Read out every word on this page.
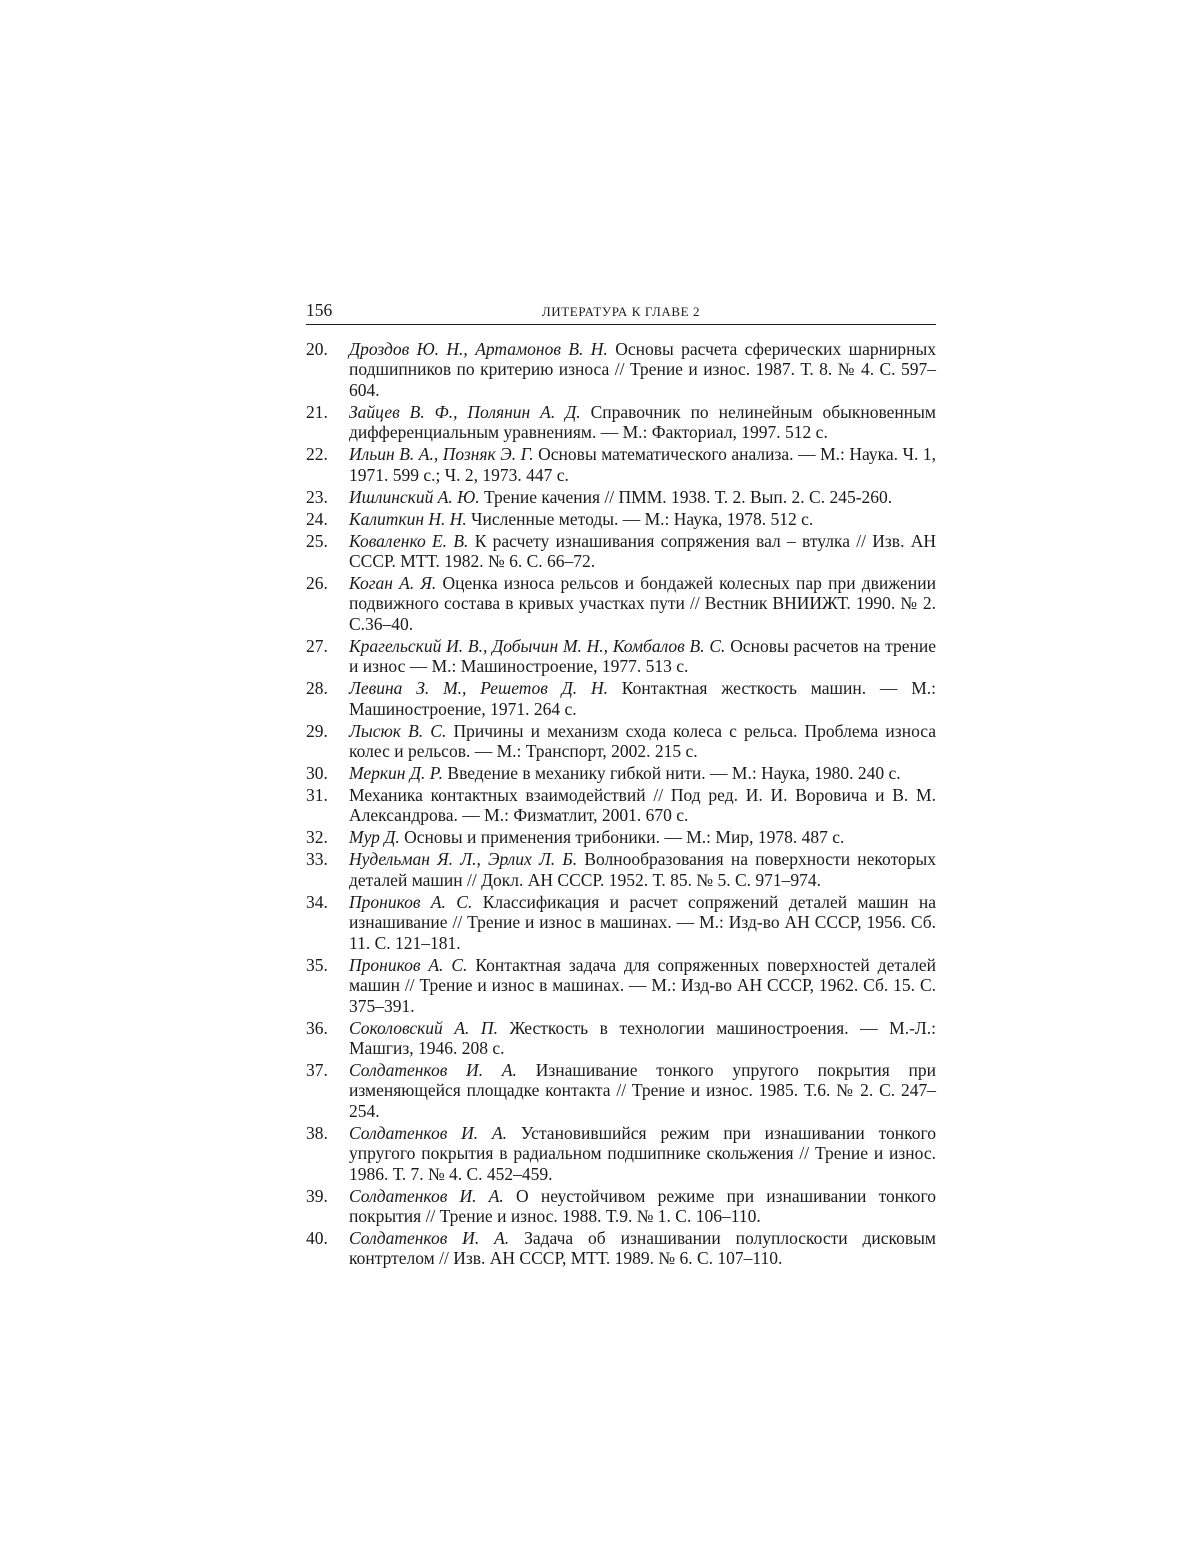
156	ЛИТЕРАТУРА К ГЛАВЕ 2
20. Дроздов Ю. Н., Артамонов В. Н. Основы расчета сферических шарнирных подшипников по критерию износа // Трение и износ. 1987. Т. 8. № 4. С. 597–604.
21. Зайцев В. Ф., Полянин А. Д. Справочник по нелинейным обыкновенным дифференциальным уравнениям. — М.: Факториал, 1997. 512 с.
22. Ильин В. А., Позняк Э. Г. Основы математического анализа. — М.: Наука. Ч. 1, 1971. 599 с.; Ч. 2, 1973. 447 с.
23. Ишлинский А. Ю. Трение качения // ПММ. 1938. Т. 2. Вып. 2. С. 245-260.
24. Калиткин Н. Н. Численные методы. — М.: Наука, 1978. 512 с.
25. Коваленко Е. В. К расчету изнашивания сопряжения вал – втулка // Изв. АН СССР. МТТ. 1982. № 6. С. 66–72.
26. Коган А. Я. Оценка износа рельсов и бондажей колесных пар при движении подвижного состава в кривых участках пути // Вестник ВНИИЖТ. 1990. № 2. С.36–40.
27. Крагельский И. В., Добычин М. Н., Комбалов В. С. Основы расчетов на трение и износ — М.: Машиностроение, 1977. 513 с.
28. Левина З. М., Решетов Д. Н. Контактная жесткость машин. — М.: Машиностроение, 1971. 264 с.
29. Лысюк В. С. Причины и механизм схода колеса с рельса. Проблема износа колес и рельсов. — М.: Транспорт, 2002. 215 с.
30. Меркин Д. Р. Введение в механику гибкой нити. — М.: Наука, 1980. 240 с.
31. Механика контактных взаимодействий // Под ред. И. И. Воровича и В. М. Александрова. — М.: Физматлит, 2001. 670 с.
32. Мур Д. Основы и применения трибоники. — М.: Мир, 1978. 487 с.
33. Нудельман Я. Л., Эрлих Л. Б. Волнообразования на поверхности некоторых деталей машин // Докл. АН СССР. 1952. Т. 85. № 5. С. 971–974.
34. Проников А. С. Классификация и расчет сопряжений деталей машин на изнашивание // Трение и износ в машинах. — М.: Изд-во АН СССР, 1956. Сб. 11. С. 121–181.
35. Проников А. С. Контактная задача для сопряженных поверхностей деталей машин // Трение и износ в машинах. — М.: Изд-во АН СССР, 1962. Сб. 15. С. 375–391.
36. Соколовский А. П. Жесткость в технологии машиностроения. — М.-Л.: Машгиз, 1946. 208 с.
37. Солдатенков И. А. Изнашивание тонкого упругого покрытия при изменяющейся площадке контакта // Трение и износ. 1985. Т.6. № 2. С. 247–254.
38. Солдатенков И. А. Установившийся режим при изнашивании тонкого упругого покрытия в радиальном подшипнике скольжения // Трение и износ. 1986. Т. 7. № 4. С. 452–459.
39. Солдатенков И. А. О неустойчивом режиме при изнашивании тонкого покрытия // Трение и износ. 1988. Т.9. № 1. С. 106–110.
40. Солдатенков И. А. Задача об изнашивании полуплоскости дисковым контртелом // Изв. АН СССР, МТТ. 1989. № 6. С. 107–110.
